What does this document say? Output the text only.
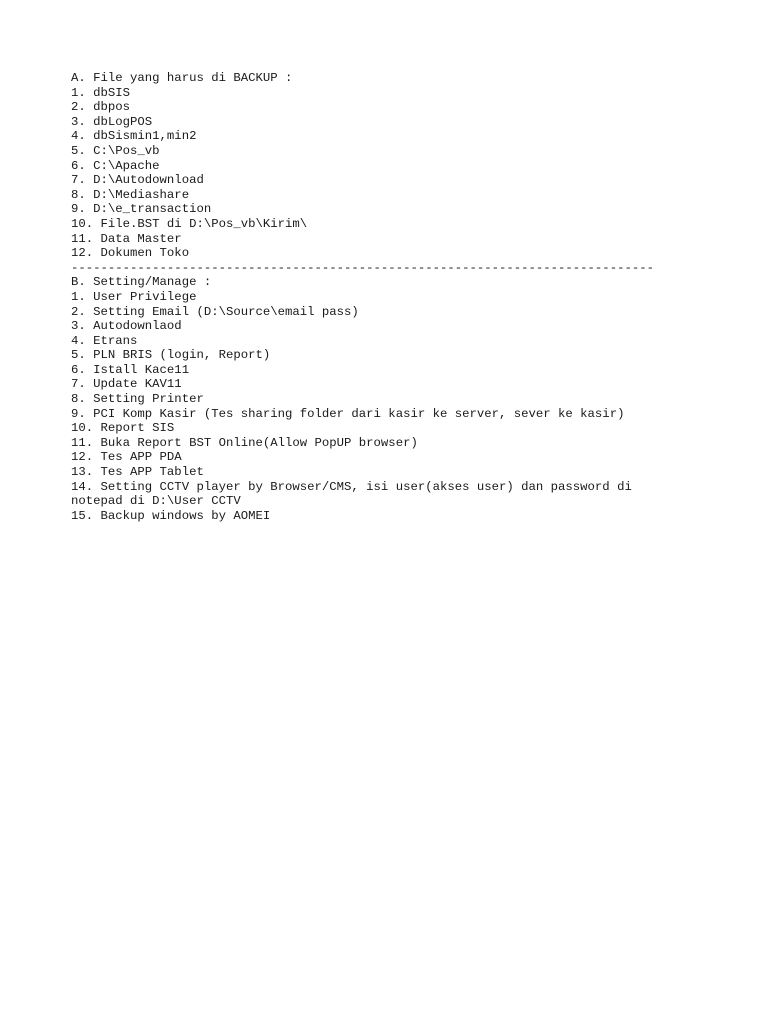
A. File yang harus di BACKUP :
1. dbSIS
2. dbpos
3. dbLogPOS
4. dbSismin1,min2
5. C:\Pos_vb
6. C:\Apache
7. D:\Autodownload
8. D:\Mediashare
9. D:\e_transaction
10. File.BST di D:\Pos_vb\Kirim\
11. Data Master
12. Dokumen Toko
-------------------------------------------------------------------------------
B. Setting/Manage :
1. User Privilege
2. Setting Email (D:\Source\email pass)
3. Autodownlaod
4. Etrans
5. PLN BRIS (login, Report)
6. Istall Kace11
7. Update KAV11
8. Setting Printer
9. PCI Komp Kasir (Tes sharing folder dari kasir ke server, sever ke kasir)
10. Report SIS
11. Buka Report BST Online(Allow PopUP browser)
12. Tes APP PDA
13. Tes APP Tablet
14. Setting CCTV player by Browser/CMS, isi user(akses user) dan password di
notepad di D:\User CCTV
15. Backup windows by AOMEI
